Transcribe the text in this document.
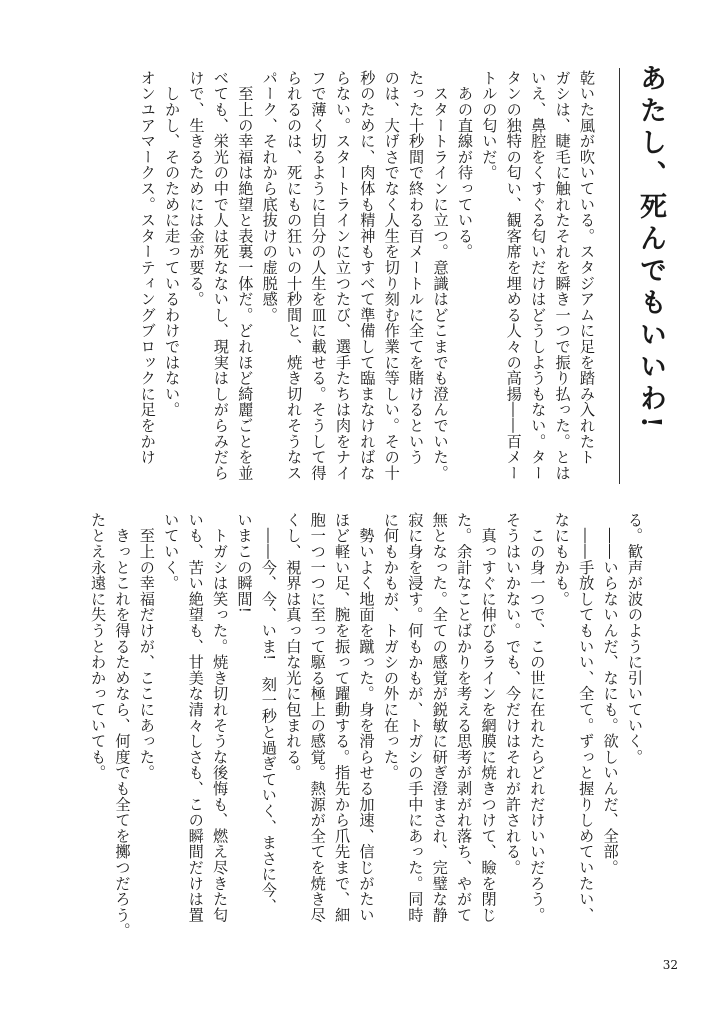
あたし、死んでもいいわ!
乾いた風が吹いている。スタジアムに足を踏み入れたト
ガシは、睫毛に触れたそれを瞬き一つで振り払った。とは
いえ、鼻腔をくすぐる匂いだけはどうしようもない。ター
タンの独特の匂い、観客席を埋める人々の高揚――百メー
トルの匂いだ。
　あの直線が待っている。
　スタートラインに立つ。意識はどこまでも澄んでいた。
たった十秒間で終わる百メートルに全てを賭けるという
のは、大げさでなく人生を切り刻む作業に等しい。その十
秒のために、肉体も精神もすべて準備して臨まなければな
らない。スタートラインに立つたび、選手たちは肉をナイ
フで薄く切るように自分の人生を皿に載せる。そうして得
られるのは、死にもの狂いの十秒間と、焼き切れそうなス
パーク、それから底抜けの虚脱感。
　至上の幸福は絶望と表裏一体だ。どれほど綺麗ごとを並
べても、栄光の中で人は死なないし、現実はしがらみだら
けで、生きるためには金が要る。
　しかし、そのために走っているわけではない。
オンユアマークス。スターティングブロックに足をかけ
る。歓声が波のように引いていく。
　――いらないんだ、なにも。欲しいんだ、全部。
　――手放してもいい、全て。ずっと握りしめていたい、
なにもかも。
　この身一つで、この世に在れたらどれだけいいだろう。
そうはいかない。でも、今だけはそれが許される。
　真っすぐに伸びるラインを網膜に焼きつけて、瞼を閉じ
た。余計なことばかりを考える思考が剥がれ落ち、やがて
無となった。全ての感覚が鋭敏に研ぎ澄まされ、完璧な静
寂に身を浸す。何もかもが、トガシの手中にあった。同時
に何もかもが、トガシの外に在った。
　勢いよく地面を蹴った。身を滑らせる加速、信じがたい
ほど軽い足、腕を振って躍動する。指先から爪先まで、細
胞一つ一つに至って駆る極上の感覚。熱源が全てを焼き尽
くし、視界は真っ白な光に包まれる。
　――今、今、いま!　刻一秒と過ぎていく、まさに今、
いまこの瞬間!
　トガシは笑った。焼き切れそうな後悔も、燃え尽きた匂
いも、苦い絶望も、甘美な清々しさも、この瞬間だけは置
いていく。
　至上の幸福だけが、ここにあった。
　きっとこれを得るためなら、何度でも全てを擲つだろう。
たとえ永遠に失うとわかっていても。
32
